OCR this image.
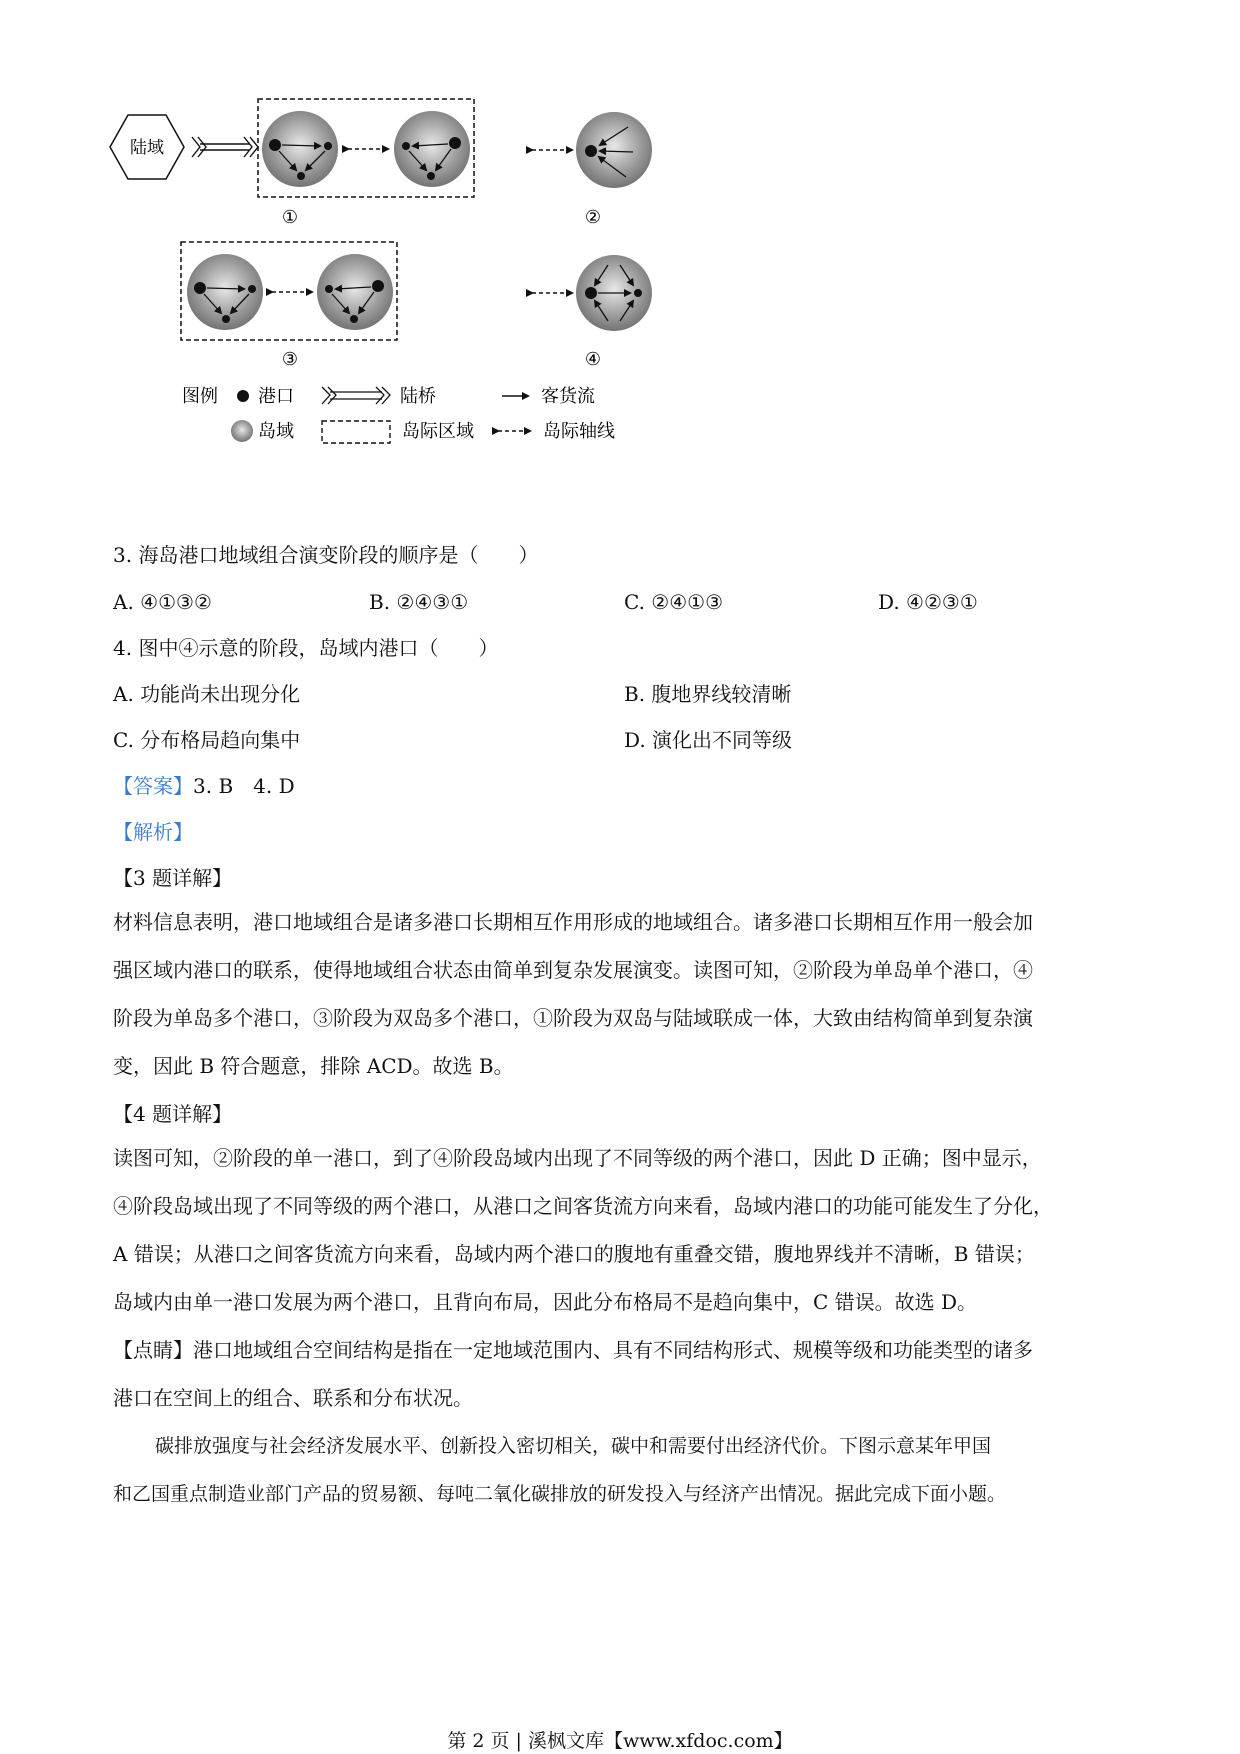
陆域
①	②
③	④
图例 港口	陆桥	客货流
岛域	岛际区域	岛际轴线
3. 海岛港口地域组合演变阶段的顺序是（　　）
A. ④①③②	B. ②④③①	C. ②④①③	D. ④②③①
4. 图中④示意的阶段，岛域内港口（　　）
A. 功能尚未出现分化	B. 腹地界线较清晰
C. 分布格局趋向集中	D. 演化出不同等级
【答案】3. B　4. D
【解析】
【3 题详解】
材料信息表明，港口地域组合是诸多港口长期相互作用形成的地域组合。诸多港口长期相互作用一般会加
强区域内港口的联系，使得地域组合状态由简单到复杂发展演变。读图可知，②阶段为单岛单个港口，④
阶段为单岛多个港口，③阶段为双岛多个港口，①阶段为双岛与陆域联成一体，大致由结构简单到复杂演
变，因此 B 符合题意，排除 ACD。故选 B。
【4 题详解】
读图可知，②阶段的单一港口，到了④阶段岛域内出现了不同等级的两个港口，因此 D 正确；图中显示，
④阶段岛域出现了不同等级的两个港口，从港口之间客货流方向来看，岛域内港口的功能可能发生了分化，
A 错误；从港口之间客货流方向来看，岛域内两个港口的腹地有重叠交错，腹地界线并不清晰，B 错误；
岛域内由单一港口发展为两个港口，且背向布局，因此分布格局不是趋向集中，C 错误。故选 D。
【点睛】港口地域组合空间结构是指在一定地域范围内、具有不同结构形式、规模等级和功能类型的诸多
港口在空间上的组合、联系和分布状况。
碳排放强度与社会经济发展水平、创新投入密切相关，碳中和需要付出经济代价。下图示意某年甲国
和乙国重点制造业部门产品的贸易额、每吨二氧化碳排放的研发投入与经济产出情况。据此完成下面小题。
第 2 页 | 溪枫文库【www.xfdoc.com】
